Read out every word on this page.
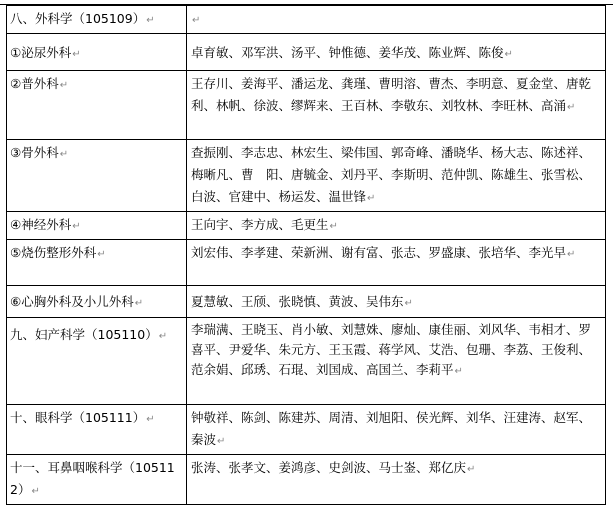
八、外科学（105109）↵	↵
①泌尿外科↵	卓育敏、邓军洪、汤平、钟惟德、姜华茂、陈业辉、陈俊↵
②普外科↵	王存川、姜海平、潘运龙、龚瑾、曹明溶、曹杰、李明意、夏金堂、唐乾利、林帆、徐波、缪辉来、王百林、李敬东、刘牧林、李旺林、高涌↵
③骨外科↵	查振刚、李志忠、林宏生、梁伟国、郭奇峰、潘晓华、杨大志、陈述祥、梅晰凡、曹　阳、唐毓金、刘丹平、李斯明、范仲凯、陈雄生、张雪松、白波、官建中、杨运发、温世锋↵
④神经外科↵	王向宇、李方成、毛更生↵
⑤烧伤整形外科↵	刘宏伟、李孝建、荣新洲、谢有富、张志、罗盛康、张培华、李光早↵
⑥心胸外科及小儿外科↵	夏慧敏、王颀、张晓慎、黄波、吴伟东↵
九、妇产科学（105110）↵	李瑞满、王晓玉、肖小敏、刘慧姝、廖灿、康佳丽、刘风华、韦相才、罗喜平、尹爱华、朱元方、王玉霞、蒋学风、艾浩、包珊、李荔、王俊利、范余娟、邱琇、石琨、刘国成、高国兰、李莉平↵
十、眼科学（105111）↵	钟敬祥、陈剑、陈建苏、周清、刘旭阳、侯光辉、刘华、汪建涛、赵军、秦波↵
十一、耳鼻咽喉科学（105112）↵	张涛、张孝文、姜鸿彦、史剑波、马士崟、郑亿庆↵
